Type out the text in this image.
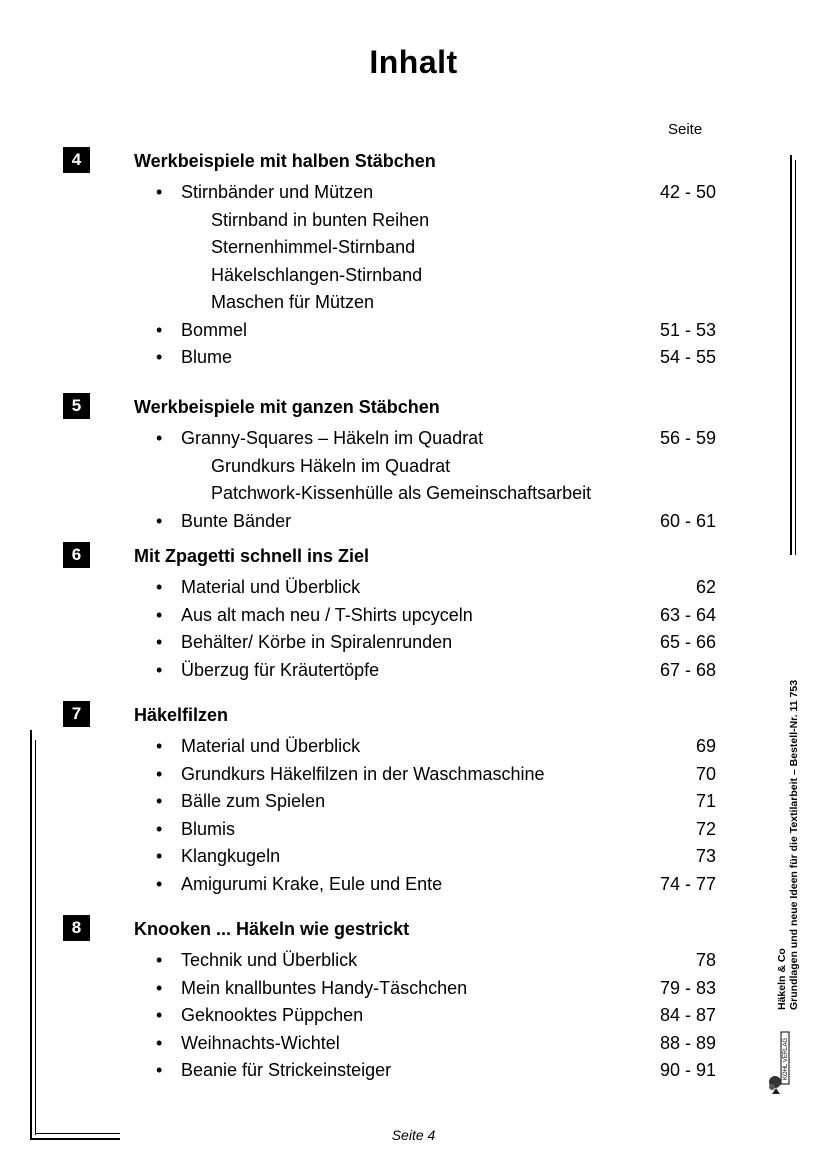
Inhalt
Seite
4	Werkbeispiele mit halben Stäbchen
• Stirnbänder und Mützen	42 - 50
Stirnband in bunten Reihen
Sternenhimmel-Stirnband
Häkelschlangen-Stirnband
Maschen für Mützen
• Bommel	51 - 53
• Blume	54 - 55
5	Werkbeispiele mit ganzen Stäbchen
• Granny-Squares – Häkeln im Quadrat	56 - 59
Grundkurs Häkeln im Quadrat
Patchwork-Kissenhülle als Gemeinschaftsarbeit
• Bunte Bänder	60 - 61
6	Mit Zpagetti schnell ins Ziel
• Material und Überblick	62
• Aus alt mach neu / T-Shirts upcyceln	63 - 64
• Behälter/ Körbe in Spiralenrunden	65 - 66
• Überzug für Kräutertöpfe	67 - 68
7	Häkelfilzen
• Material und Überblick	69
• Grundkurs Häkelfilzen in der Waschmaschine	70
• Bälle zum Spielen	71
• Blumis	72
• Klangkugeln	73
• Amigurumi Krake, Eule und Ente	74 - 77
8	Knooken ... Häkeln wie gestrickt
• Technik und Überblick	78
• Mein knallbuntes Handy-Täschchen	79 - 83
• Geknooktes Püppchen	84 - 87
• Weihnachts-Wichtel	88 - 89
• Beanie für Strickeinsteiger	90 - 91
Häkeln & Co Grundlagen und neue Ideen für die Textilarbeit – Bestell-Nr. 11 753
KOHL VERLAG
Seite 4
